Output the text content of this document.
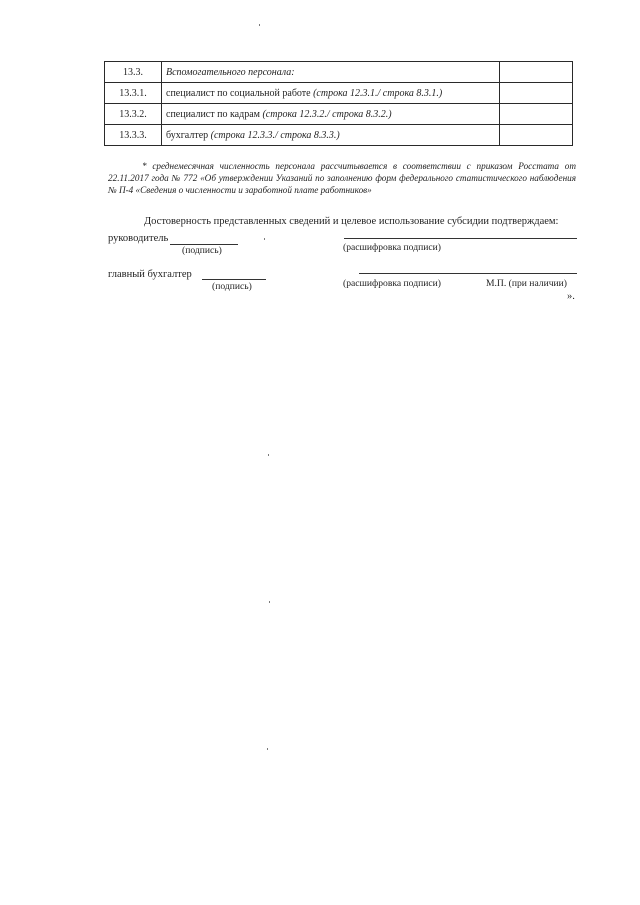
13.3.	Вспомогательного персонала:	
13.3.1.	специалист по социальной работе (строка 12.3.1./ строка 8.3.1.)	
13.3.2.	специалист по кадрам (строка 12.3.2./ строка 8.3.2.)	
13.3.3.	бухгалтер (строка 12.3.3./ строка 8.3.3.)	
* среднемесячная численность персонала рассчитывается в соответствии с приказом Росстата от 22.11.2017 года № 772 «Об утверждении Указаний по заполнению форм федерального статистического наблюдения № П-4 «Сведения о численности и заработной плате работников»
Достоверность представленных сведений и целевое использование субсидии подтверждаем:
руководитель
(подпись)	(расшифровка подписи)
главный бухгалтер
(подпись)	(расшифровка подписи)	М.П. (при наличии)
».
